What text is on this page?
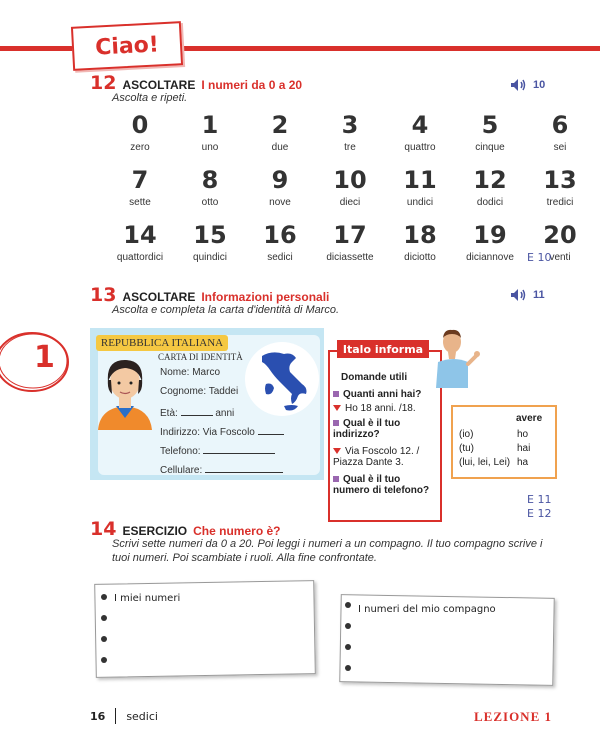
Ciao!
12 ASCOLTARE I numeri da 0 a 20
Ascolta e ripeti.
10
0
zero
1
uno
2
due
3
tre
4
quattro
5
cinque
6
sei
7
sette
8
otto
9
nove
10
dieci
11
undici
12
dodici
13
tredici
14
quattordici
15
quindici
16
sedici
17
diciassette
18
diciotto
19
diciannove
20
venti
E 10
13 ASCOLTARE Informazioni personali
Ascolta e completa la carta d'identità di Marco.
11
1	REPUBBLICA ITALIANA
CARTA DI IDENTITÀ
Nome: Marco
Cognome: Taddei
Età:	anni
Indirizzo: Via Foscolo
Telefono:
Cellulare:
Italo informa
Domande utili
Quanti anni hai?
Ho 18 anni. /18.
Qual è il tuo indirizzo?
Via Foscolo 12. / Piazza Dante 3.
Qual è il tuo numero di telefono?
avere
(io)	ho
(tu)	hai
(lui, lei, Lei) ha
E 11
E 12
14 ESERCIZIO Che numero è?
Scrivi sette numeri da 0 a 20. Poi leggi i numeri a un compagno. Il tuo compagno scrive i tuoi numeri. Poi scambiate i ruoli. Alla fine confrontate.
I miei numeri
I numeri del mio compagno
16 sedici	LEZIONE 1
